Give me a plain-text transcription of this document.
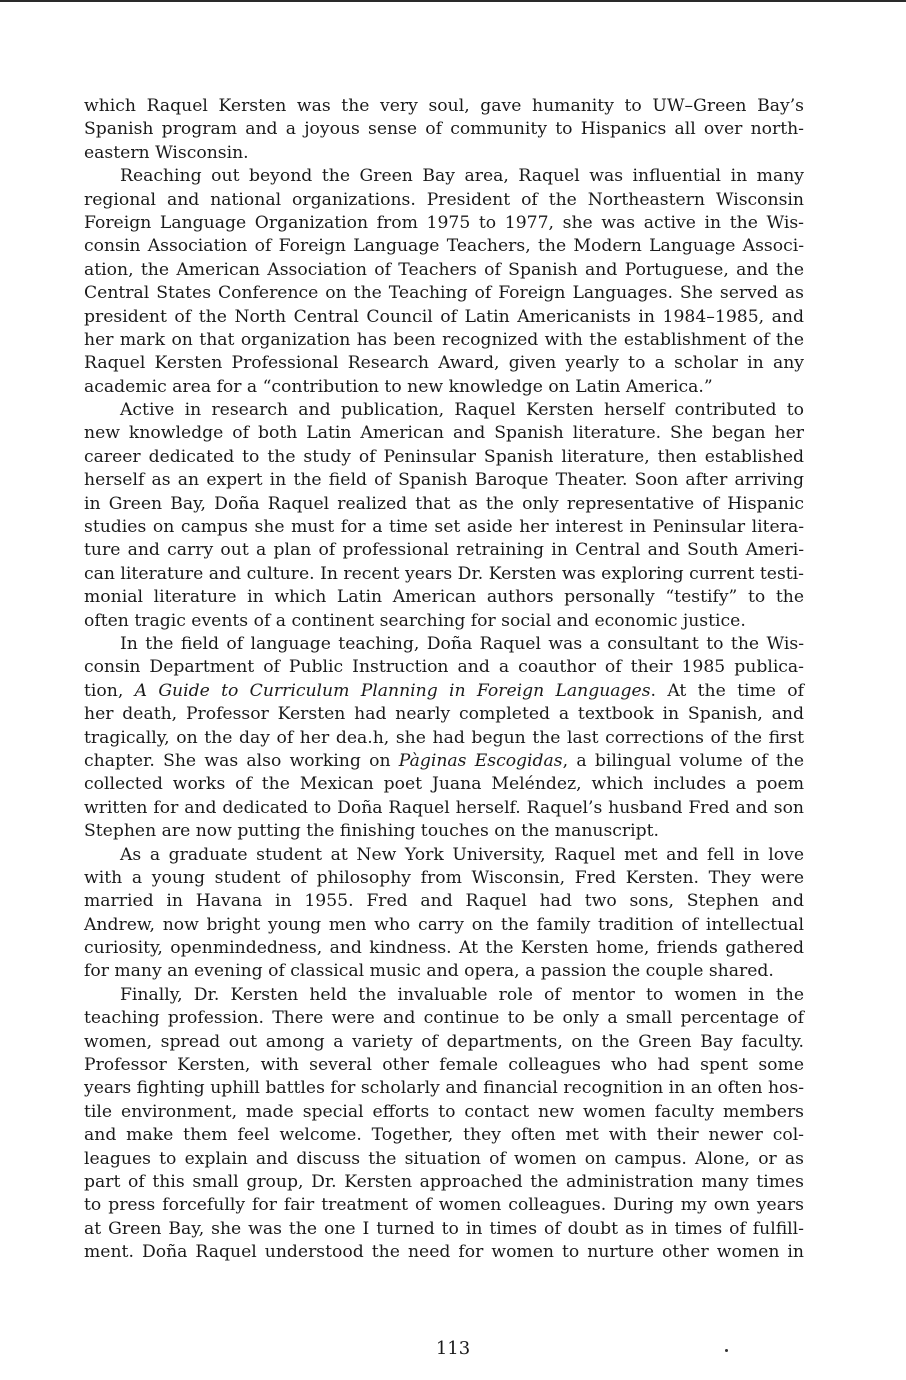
which Raquel Kersten was the very soul, gave humanity to UW–Green Bay’s
Spanish program and a joyous sense of community to Hispanics all over north-
eastern Wisconsin.
Reaching out beyond the Green Bay area, Raquel was influential in many
regional and national organizations. President of the Northeastern Wisconsin
Foreign Language Organization from 1975 to 1977, she was active in the Wis-
consin Association of Foreign Language Teachers, the Modern Language Associ-
ation, the American Association of Teachers of Spanish and Portuguese, and the
Central States Conference on the Teaching of Foreign Languages. She served as
president of the North Central Council of Latin Americanists in 1984–1985, and
her mark on that organization has been recognized with the establishment of the
Raquel Kersten Professional Research Award, given yearly to a scholar in any
academic area for a “contribution to new knowledge on Latin America.”
Active in research and publication, Raquel Kersten herself contributed to
new knowledge of both Latin American and Spanish literature. She began her
career dedicated to the study of Peninsular Spanish literature, then established
herself as an expert in the field of Spanish Baroque Theater. Soon after arriving
in Green Bay, Doña Raquel realized that as the only representative of Hispanic
studies on campus she must for a time set aside her interest in Peninsular litera-
ture and carry out a plan of professional retraining in Central and South Ameri-
can literature and culture. In recent years Dr. Kersten was exploring current testi-
monial literature in which Latin American authors personally “testify” to the
often tragic events of a continent searching for social and economic justice.
In the field of language teaching, Doña Raquel was a consultant to the Wis-
consin Department of Public Instruction and a coauthor of their 1985 publica-
tion, A Guide to Curriculum Planning in Foreign Languages. At the time of
her death, Professor Kersten had nearly completed a textbook in Spanish, and
tragically, on the day of her dea.h, she had begun the last corrections of the first
chapter. She was also working on Pàginas Escogidas, a bilingual volume of the
collected works of the Mexican poet Juana Meléndez, which includes a poem
written for and dedicated to Doña Raquel herself. Raquel’s husband Fred and son
Stephen are now putting the finishing touches on the manuscript.
As a graduate student at New York University, Raquel met and fell in love
with a young student of philosophy from Wisconsin, Fred Kersten. They were
married in Havana in 1955. Fred and Raquel had two sons, Stephen and
Andrew, now bright young men who carry on the family tradition of intellectual
curiosity, openmindedness, and kindness. At the Kersten home, friends gathered
for many an evening of classical music and opera, a passion the couple shared.
Finally, Dr. Kersten held the invaluable role of mentor to women in the
teaching profession. There were and continue to be only a small percentage of
women, spread out among a variety of departments, on the Green Bay faculty.
Professor Kersten, with several other female colleagues who had spent some
years fighting uphill battles for scholarly and financial recognition in an often hos-
tile environment, made special efforts to contact new women faculty members
and make them feel welcome. Together, they often met with their newer col-
leagues to explain and discuss the situation of women on campus. Alone, or as
part of this small group, Dr. Kersten approached the administration many times
to press forcefully for fair treatment of women colleagues. During my own years
at Green Bay, she was the one I turned to in times of doubt as in times of fulfill-
ment. Doña Raquel understood the need for women to nurture other women in
113
